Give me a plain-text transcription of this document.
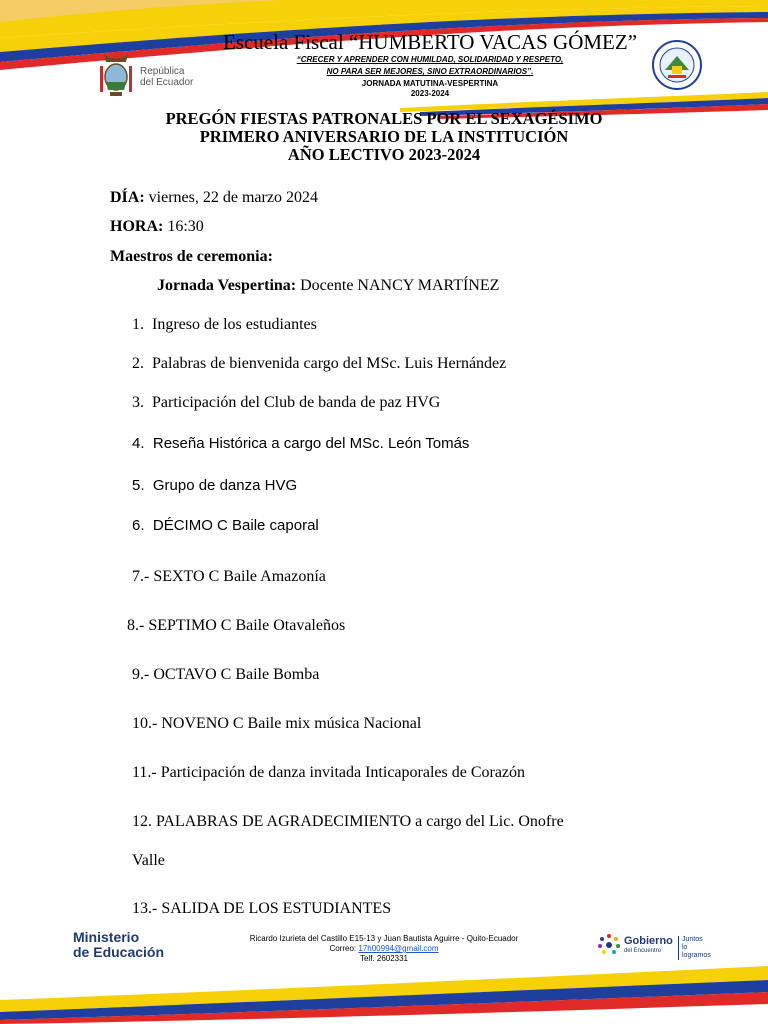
República
del Ecuador
Escuela Fiscal “HUMBERTO VACAS GÓMEZ”
“CRECER Y APRENDER CON HUMILDAD, SOLIDARIDAD Y RESPETO,
NO PARA SER MEJORES, SINO EXTRAORDINARIOS”.
JORNADA MATUTINA-VESPERTINA
2023-2024
PREGÓN FIESTAS PATRONALES POR EL SEXAGÉSIMO
PRIMERO ANIVERSARIO DE LA INSTITUCIÓN
AÑO LECTIVO 2023-2024
DÍA: viernes, 22 de marzo 2024
HORA: 16:30
Maestros de ceremonia:
Jornada Vespertina: Docente NANCY MARTÍNEZ
1. Ingreso de los estudiantes
2. Palabras de bienvenida cargo del MSc. Luis Hernández
3. Participación del Club de banda de paz HVG
4. Reseña Histórica a cargo del MSc. León Tomás
5. Grupo de danza HVG
6. DÉCIMO C Baile caporal
7.- SEXTO C Baile Amazonía
8.- SEPTIMO C Baile Otavaleños
9.- OCTAVO C Baile Bomba
10.- NOVENO C Baile mix música Nacional
11.- Participación de danza invitada Inticaporales de Corazón
12. PALABRAS DE AGRADECIMIENTO a cargo del Lic. Onofre
Valle
13.- SALIDA DE LOS ESTUDIANTES
Ministerio
de Educación
Ricardo Izurieta del Castillo E15-13 y Juan Bautista Aguirre - Quito-Ecuador
Correo: 17h00994@gmail.com
Telf. 2602331
Gobierno
del Encuentro
Juntos
lo logramos
